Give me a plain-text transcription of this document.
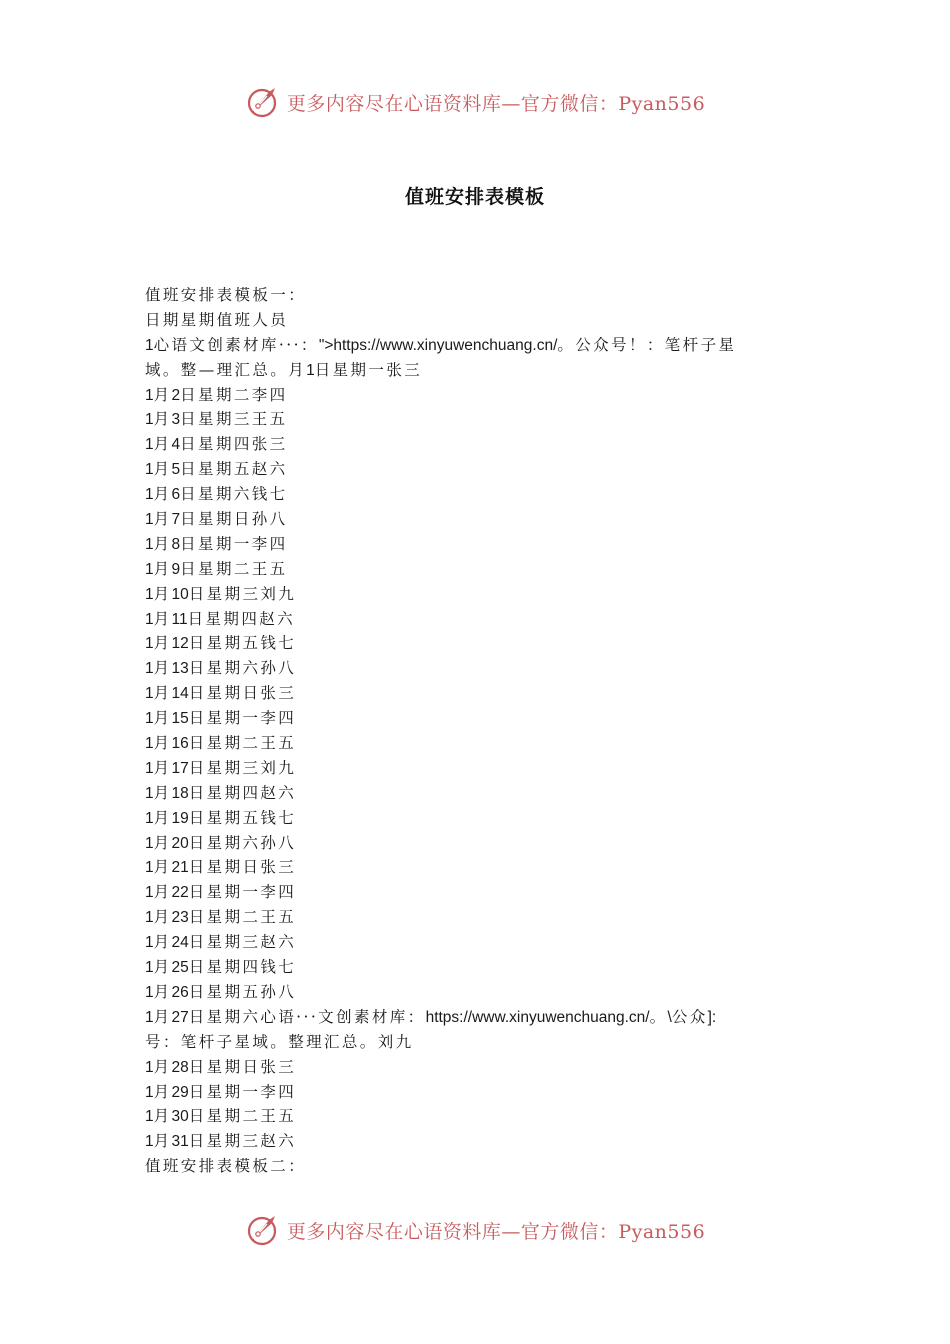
更多内容尽在心语资料库—官方微信：Pyan556
值班安排表模板
值班安排表模板一：
日期星期值班人员
1心语文创素材库···：">https://www.xinyuwenchuang.cn/。公众号！：笔杆子星
域。整—理汇总。月1日星期一张三
1月2日星期二李四
1月3日星期三王五
1月4日星期四张三
1月5日星期五赵六
1月6日星期六钱七
1月7日星期日孙八
1月8日星期一李四
1月9日星期二王五
1月10日星期三刘九
1月11日星期四赵六
1月12日星期五钱七
1月13日星期六孙八
1月14日星期日张三
1月15日星期一李四
1月16日星期二王五
1月17日星期三刘九
1月18日星期四赵六
1月19日星期五钱七
1月20日星期六孙八
1月21日星期日张三
1月22日星期一李四
1月23日星期二王五
1月24日星期三赵六
1月25日星期四钱七
1月26日星期五孙八
1月27日星期六心语···文创素材库：https://www.xinyuwenchuang.cn/。\公众]:
号：笔杆子星域。整理汇总。刘九
1月28日星期日张三
1月29日星期一李四
1月30日星期二王五
1月31日星期三赵六
值班安排表模板二：
更多内容尽在心语资料库—官方微信：Pyan556
